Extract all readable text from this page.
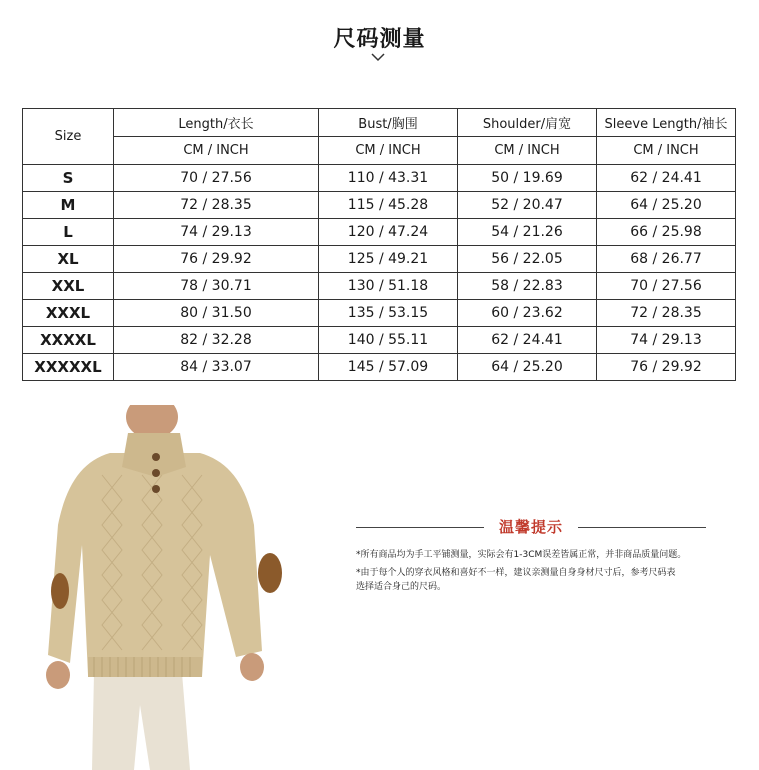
尺码测量
Size	Length/衣长	Bust/胸围	Shoulder/肩宽	Sleeve Length/袖长
	CM / INCH	CM / INCH	CM / INCH	CM / INCH
S	70 / 27.56	110 / 43.31	50 / 19.69	62 / 24.41
M	72 / 28.35	115 / 45.28	52 / 20.47	64 / 25.20
L	74 / 29.13	120 / 47.24	54 / 21.26	66 / 25.98
XL	76 / 29.92	125 / 49.21	56 / 22.05	68 / 26.77
XXL	78 / 30.71	130 / 51.18	58 / 22.83	70 / 27.56
XXXL	80 / 31.50	135 / 53.15	60 / 23.62	72 / 28.35
XXXXL	82 / 32.28	140 / 55.11	62 / 24.41	74 / 29.13
XXXXXL	84 / 33.07	145 / 57.09	64 / 25.20	76 / 29.92
温馨提示
*所有商品均为手工平铺测量，实际会有1-3CM误差皆属正常，并非商品质量问题。
*由于每个人的穿衣风格和喜好不一样，建议亲测量自身身材尺寸后，参考尺码表
选择适合身己的尺码。
